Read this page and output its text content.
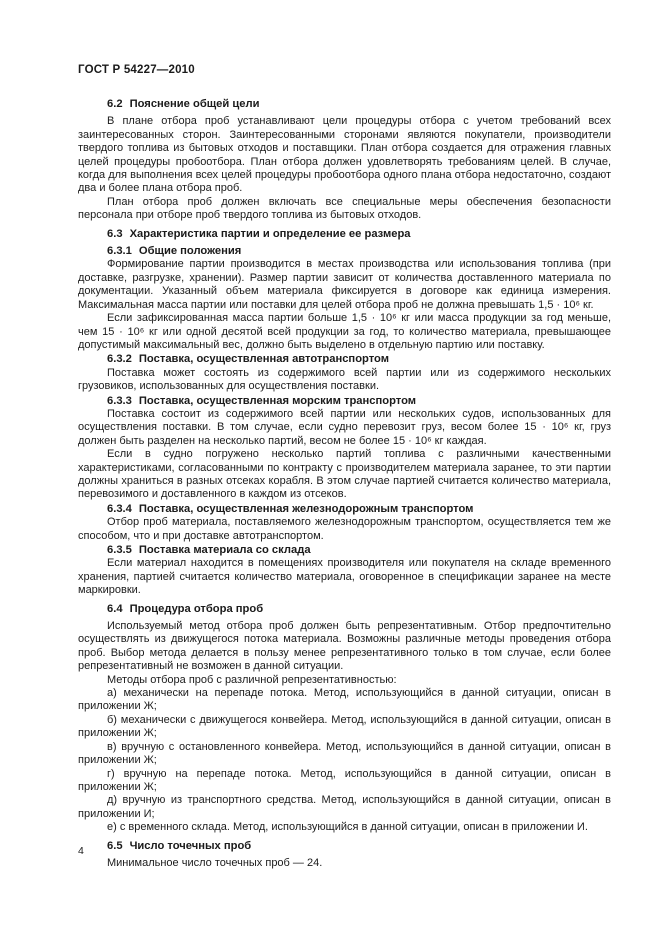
ГОСТ Р 54227—2010
6.2 Пояснение общей цели

В плане отбора проб устанавливают цели процедуры отбора с учетом требований всех заинтересованных сторон. Заинтересованными сторонами являются покупатели, производители твердого топлива из бытовых отходов и поставщики. План отбора создается для отражения главных целей процедуры пробоотбора. План отбора должен удовлетворять требованиям целей. В случае, когда для выполнения всех целей процедуры пробоотбора одного плана отбора недостаточно, создают два и более плана отбора проб.

План отбора проб должен включать все специальные меры обеспечения безопасности персонала при отборе проб твердого топлива из бытовых отходов.

6.3 Характеристика партии и определение ее размера
6.3.1 Общие положения

Формирование партии производится в местах производства или использования топлива (при доставке, разгрузке, хранении). Размер партии зависит от количества доставленного материала по документации. Указанный объем материала фиксируется в договоре как единица измерения. Максимальная масса партии или поставки для целей отбора проб не должна превышать 1,5 · 10⁶ кг.

Если зафиксированная масса партии больше 1,5 · 10⁶ кг или масса продукции за год меньше, чем 15 · 10⁶ кг или одной десятой всей продукции за год, то количество материала, превышающее допустимый максимальный вес, должно быть выделено в отдельную партию или поставку.

6.3.2 Поставка, осуществленная автотранспортом

Поставка может состоять из содержимого всей партии или из содержимого нескольких грузовиков, использованных для осуществления поставки.

6.3.3 Поставка, осуществленная морским транспортом

Поставка состоит из содержимого всей партии или нескольких судов, использованных для осуществления поставки. В том случае, если судно перевозит груз, весом более 15 · 10⁶ кг, груз должен быть разделен на несколько партий, весом не более 15 · 10⁶ кг каждая.

Если в судно погружено несколько партий топлива с различными качественными характеристиками, согласованными по контракту с производителем материала заранее, то эти партии должны храниться в разных отсеках корабля. В этом случае партией считается количество материала, перевозимого и доставленного в каждом из отсеков.

6.3.4 Поставка, осуществленная железнодорожным транспортом

Отбор проб материала, поставляемого железнодорожным транспортом, осуществляется тем же способом, что и при доставке автотранспортом.

6.3.5 Поставка материала со склада

Если материал находится в помещениях производителя или покупателя на складе временного хранения, партией считается количество материала, оговоренное в спецификации заранее на месте маркировки.

6.4 Процедура отбора проб

Используемый метод отбора проб должен быть репрезентативным. Отбор предпочтительно осуществлять из движущегося потока материала. Возможны различные методы проведения отбора проб. Выбор метода делается в пользу менее репрезентативного только в том случае, если более репрезентативный не возможен в данной ситуации.

Методы отбора проб с различной репрезентативностью:

а) механически на перепаде потока. Метод, использующийся в данной ситуации, описан в приложении Ж;

б) механически с движущегося конвейера. Метод, использующийся в данной ситуации, описан в приложении Ж;

в) вручную с остановленного конвейера. Метод, использующийся в данной ситуации, описан в приложении Ж;

г) вручную на перепаде потока. Метод, использующийся в данной ситуации, описан в приложении Ж;

д) вручную из транспортного средства. Метод, использующийся в данной ситуации, описан в приложении И;

е) с временного склада. Метод, использующийся в данной ситуации, описан в приложении И.

6.5 Число точечных проб

Минимальное число точечных проб — 24.

4
